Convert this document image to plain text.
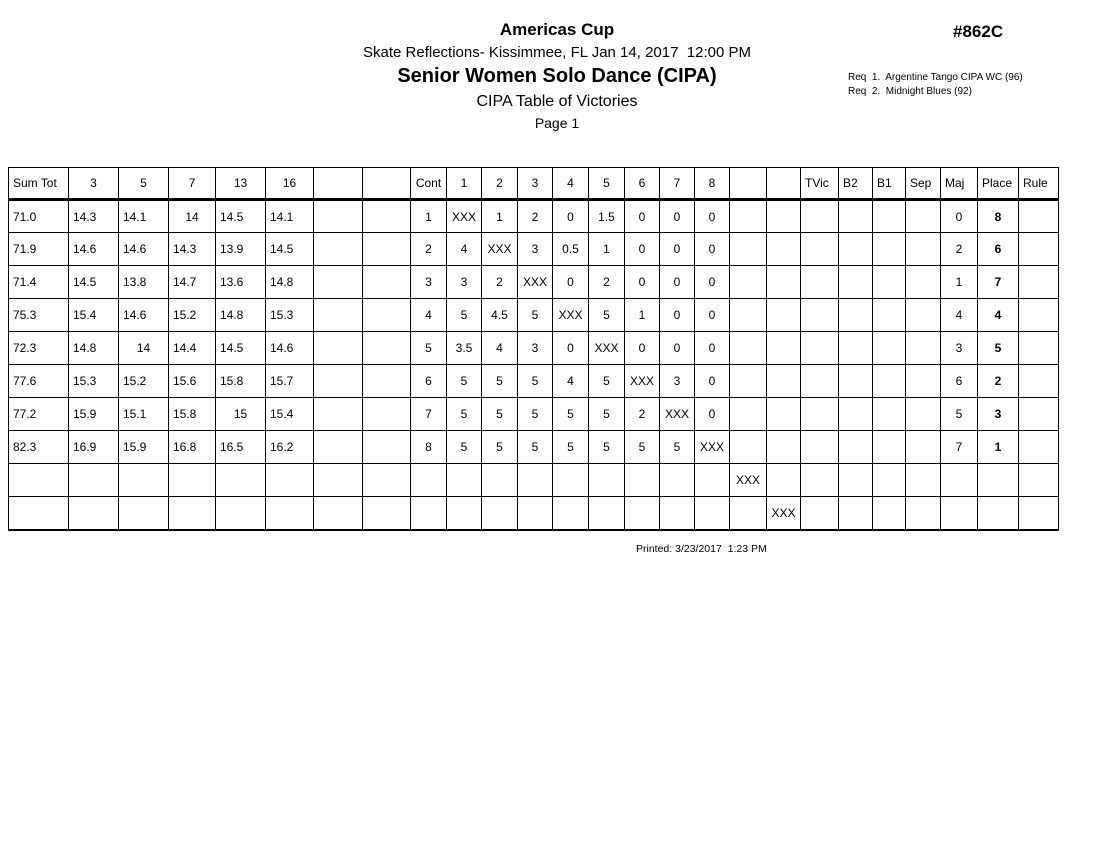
Americas Cup
Skate Reflections- Kissimmee, FL Jan 14, 2017  12:00 PM
Senior Women Solo Dance (CIPA)
CIPA Table of Victories
Page 1
#862C
Req  1.  Argentine Tango CIPA WC (96)
Req  2.  Midnight Blues (92)
Sum Tot	3	5	7	13	16			Cont	1	2	3	4	5	6	7	8			TVic	B2	B1	Sep	Maj	Place	Rule
71.0	14.3	14.1	14	14.5	14.1			1	XXX	1	2	0	1.5	0	0	0							0	8	
71.9	14.6	14.6	14.3	13.9	14.5			2	4	XXX	3	0.5	1	0	0	0							2	6	
71.4	14.5	13.8	14.7	13.6	14.8			3	3	2	XXX	0	2	0	0	0							1	7	
75.3	15.4	14.6	15.2	14.8	15.3			4	5	4.5	5	XXX	5	1	0	0							4	4	
72.3	14.8	14	14.4	14.5	14.6			5	3.5	4	3	0	XXX	0	0	0							3	5	
77.6	15.3	15.2	15.6	15.8	15.7			6	5	5	5	4	5	XXX	3	0							6	2	
77.2	15.9	15.1	15.8	15	15.4			7	5	5	5	5	5	2	XXX	0							5	3	
82.3	16.9	15.9	16.8	16.5	16.2			8	5	5	5	5	5	5	5	XXX							7	1	
																	XXX								
																		XXX							
Printed: 3/23/2017  1:23 PM
